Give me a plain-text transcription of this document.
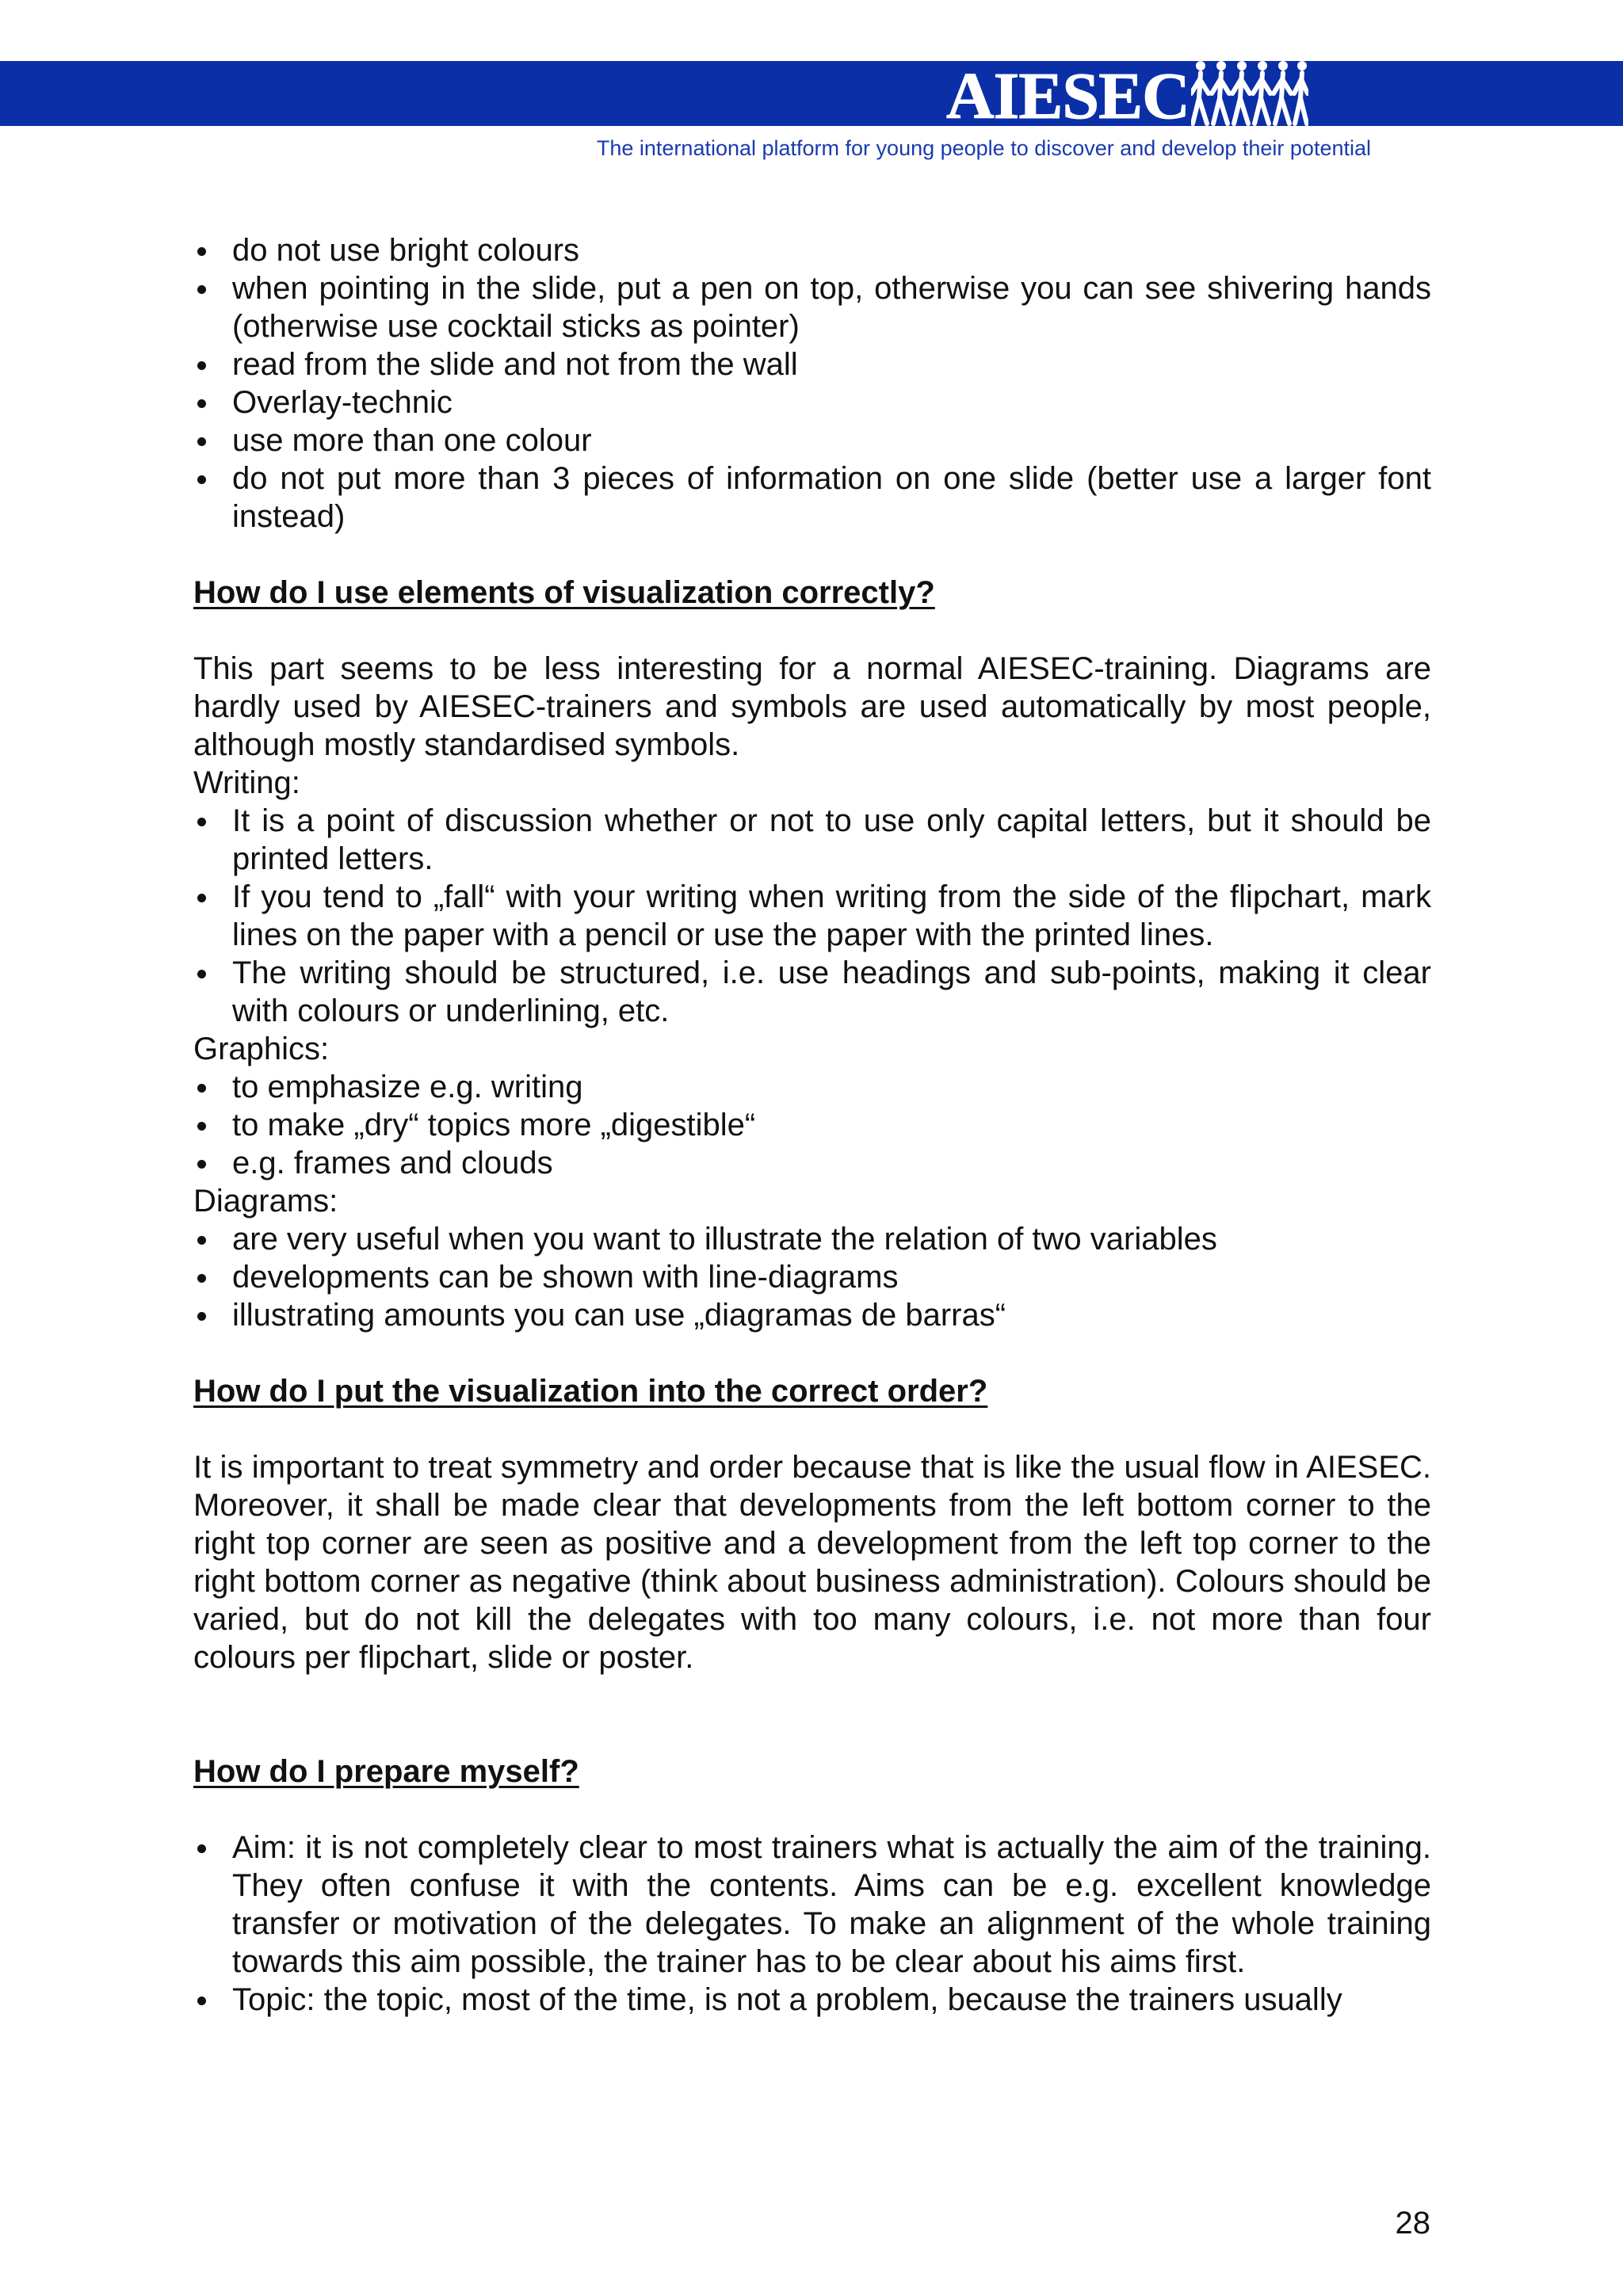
AIESEC
The international platform for young people to discover and develop their potential
do not use bright colours
when pointing in the slide, put a pen on top, otherwise you can see shivering hands (otherwise use cocktail sticks as pointer)
read from the slide and not from the wall
Overlay-technic
use more than one colour
do not put more than 3 pieces of information on one slide (better use a larger font instead)

How do I use elements of visualization correctly?

This part seems to be less interesting for a normal AIESEC-training. Diagrams are hardly used by AIESEC-trainers and symbols are used automatically by most people, although mostly standardised symbols.

Writing:

It is a point of discussion whether or not to use only capital letters, but it should be printed letters.
If you tend to „fall“ with your writing when writing from the side of the flipchart, mark lines on the paper with a pencil or use the paper with the printed lines.
The writing should be structured, i.e. use headings and sub-points, making it clear with colours or underlining, etc.

Graphics:

to emphasize e.g. writing
to make „dry“ topics more „digestible“
e.g. frames and clouds

Diagrams:

are very useful when you want to illustrate the relation of two variables
developments can be shown with line-diagrams
illustrating amounts you can use „diagramas de barras“

How do I put the visualization into the correct order?

It is important to treat symmetry and order because that is like the usual flow in AIESEC. Moreover, it shall be made clear that developments from the left bottom corner to the right top corner are seen as positive and a development from the left top corner to the right bottom corner as negative (think about business administration). Colours should be varied, but do not kill the delegates with too many colours, i.e. not more than four colours per flipchart, slide or poster.

How do I prepare myself?

Aim: it is not completely clear to most trainers what is actually the aim of the training. They often confuse it with the contents. Aims can be e.g. excellent knowledge transfer or motivation of the delegates. To make an alignment of the whole training towards this aim possible, the trainer has to be clear about his aims first.
Topic: the topic, most of the time, is not a problem, because the trainers usually
28
